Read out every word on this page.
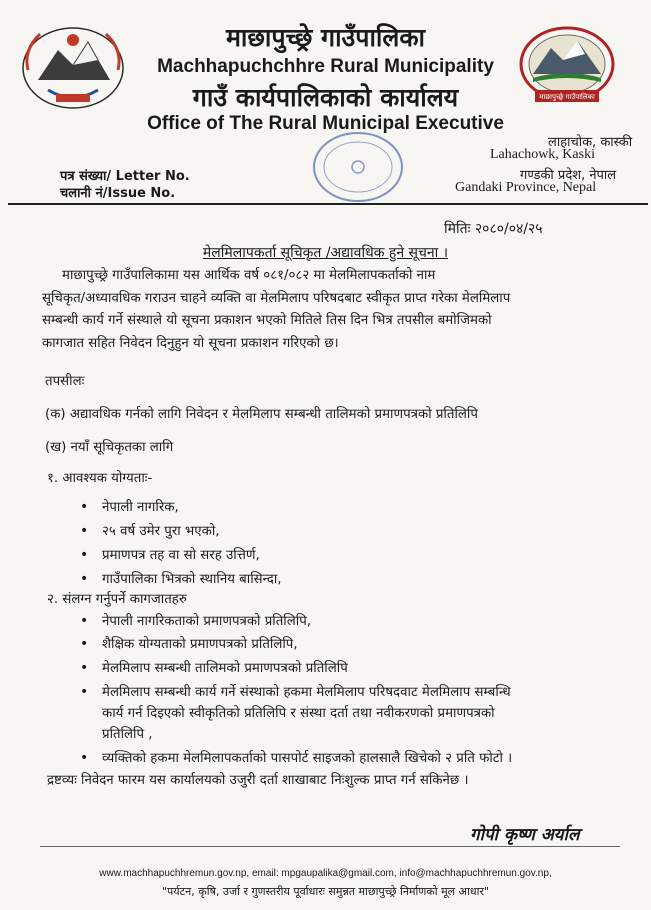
माछापुच्छ्रे गाउँपालिका
माछापुच्छ्रे गाउँपालिका
Machhapuchchhre Rural Municipality
गाउँ कार्यपालिकाको कार्यालय
Office of The Rural Municipal Executive
लाहाचोक, कास्की
Lahachowk, Kaski
गण्डकी प्रदेश, नेपाल
Gandaki Province, Nepal
पत्र संख्या/ Letter No.
चलानी नं/Issue No.
मितिः २०८०/०४/२५
मेलमिलापकर्ता सूचिकृत /अद्यावधिक हुने सूचना ।
माछापुच्छ्रे गाउँपालिकामा यस आर्थिक वर्ष ०८१/०८२ मा मेलमिलापकर्ताको नाम
सूचिकृत/अध्यावधिक गराउन चाहने व्यक्ति वा मेलमिलाप परिषदबाट स्वीकृत प्राप्त गरेका मेलमिलाप
सम्बन्धी कार्य गर्ने संस्थाले यो सूचना प्रकाशन भएको मितिले तिस दिन भित्र तपसील बमोजिमको
कागजात सहित निवेदन दिनुहुन यो सूचना प्रकाशन गरिएको छ।
तपसीलः
(क) अद्यावधिक गर्नको लागि निवेदन र मेलमिलाप सम्बन्धी तालिमको प्रमाणपत्रको प्रतिलिपि
(ख) नयाँ सूचिकृतका लागि
१. आवश्यक योग्यताः-
• नेपाली नागरिक,
• २५ वर्ष उमेर पुरा भएको,
• प्रमाणपत्र तह वा सो सरह उत्तिर्ण,
• गाउँपालिका भित्रको स्थानिय बासिन्दा,
२. संलग्न गर्नुपर्ने कागजातहरु
• नेपाली नागरिकताको प्रमाणपत्रको प्रतिलिपि,
• शैक्षिक योग्यताको प्रमाणपत्रको प्रतिलिपि,
• मेलमिलाप सम्बन्धी तालिमको प्रमाणपत्रको प्रतिलिपि
• मेलमिलाप सम्बन्धी कार्य गर्ने संस्थाको हकमा मेलमिलाप परिषदवाट मेलमिलाप सम्बन्धि
कार्य गर्न दिइएको स्वीकृतिको प्रतिलिपि र संस्था दर्ता तथा नवीकरणको प्रमाणपत्रको
प्रतिलिपि ,
• व्यक्तिको हकमा मेलमिलापकर्ताको पासपोर्ट साइजको हालसालै खिचेको २ प्रति फोटो ।
द्रष्टव्यः निवेदन फारम यस कार्यालयको उजुरी दर्ता शाखाबाट निःशुल्क प्राप्त गर्न सकिनेछ ।
गोपी कृष्ण अर्याल
www.machhapuchhremun.gov.np, email: mpgaupalika@gmail.com, info@machhapuchhremun.gov.np,
"पर्यटन, कृषि, उर्जा र गुणस्तरीय पूर्वाधारः समुन्नत माछापुच्छ्रे निर्माणको मूल आधार"
